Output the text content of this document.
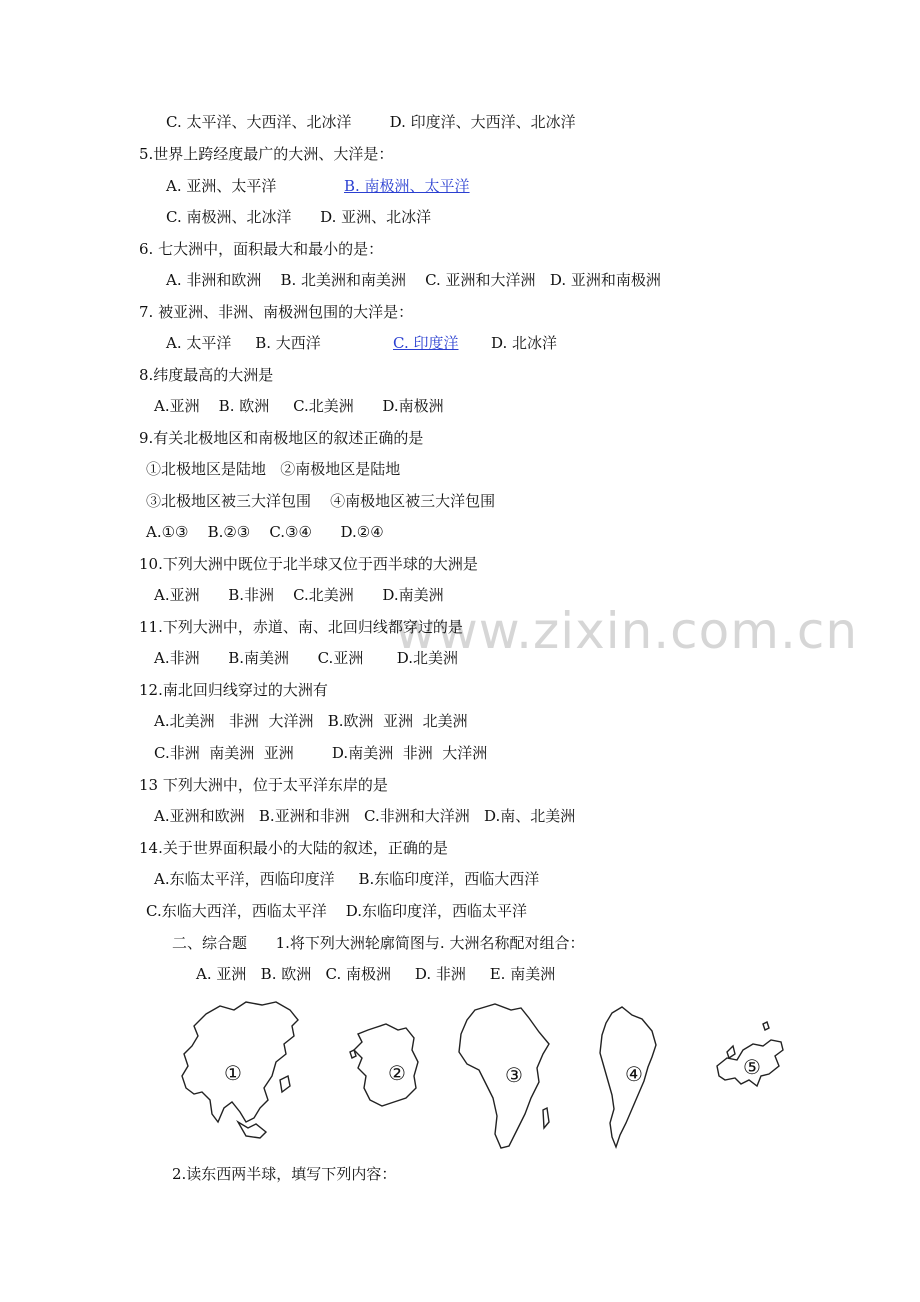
www.zixin.com.cn
C. 太平洋、大西洋、北冰洋        D. 印度洋、大西洋、北冰洋
5.世界上跨经度最广的大洲、大洋是：
A. 亚洲、太平洋	B. 南极洲、太平洋
C. 南极洲、北冰洋      D. 亚洲、北冰洋
6. 七大洲中，面积最大和最小的是：
A. 非洲和欧洲    B. 北美洲和南美洲    C. 亚洲和大洋洲   D. 亚洲和南极洲
7. 被亚洲、非洲、南极洲包围的大洋是：
A. 太平洋     B. 大西洋	C. 印度洋 D. 北冰洋
8.纬度最高的大洲是
A.亚洲    B. 欧洲     C.北美洲      D.南极洲
9.有关北极地区和南极地区的叙述正确的是
①北极地区是陆地   ②南极地区是陆地
③北极地区被三大洋包围    ④南极地区被三大洋包围
A.①③    B.②③    C.③④      D.②④
10.下列大洲中既位于北半球又位于西半球的大洲是
A.亚洲      B.非洲    C.北美洲      D.南美洲
11.下列大洲中，赤道、南、北回归线都穿过的是
A.非洲      B.南美洲      C.亚洲       D.北美洲
12.南北回归线穿过的大洲有
A.北美洲   非洲  大洋洲   B.欧洲  亚洲  北美洲
C.非洲  南美洲  亚洲        D.南美洲  非洲  大洋洲
13 下列大洲中，位于太平洋东岸的是
A.亚洲和欧洲   B.亚洲和非洲   C.非洲和大洋洲   D.南、北美洲
14.关于世界面积最小的大陆的叙述，正确的是
A.东临太平洋，西临印度洋     B.东临印度洋，西临大西洋
C.东临大西洋，西临太平洋    D.东临印度洋，西临太平洋
二、综合题      1.将下列大洲轮廓简图与. 大洲名称配对组合：
A. 亚洲   B. 欧洲   C. 南极洲     D. 非洲     E. 南美洲
①	②	③	④	⑤
2.读东西两半球，填写下列内容：
